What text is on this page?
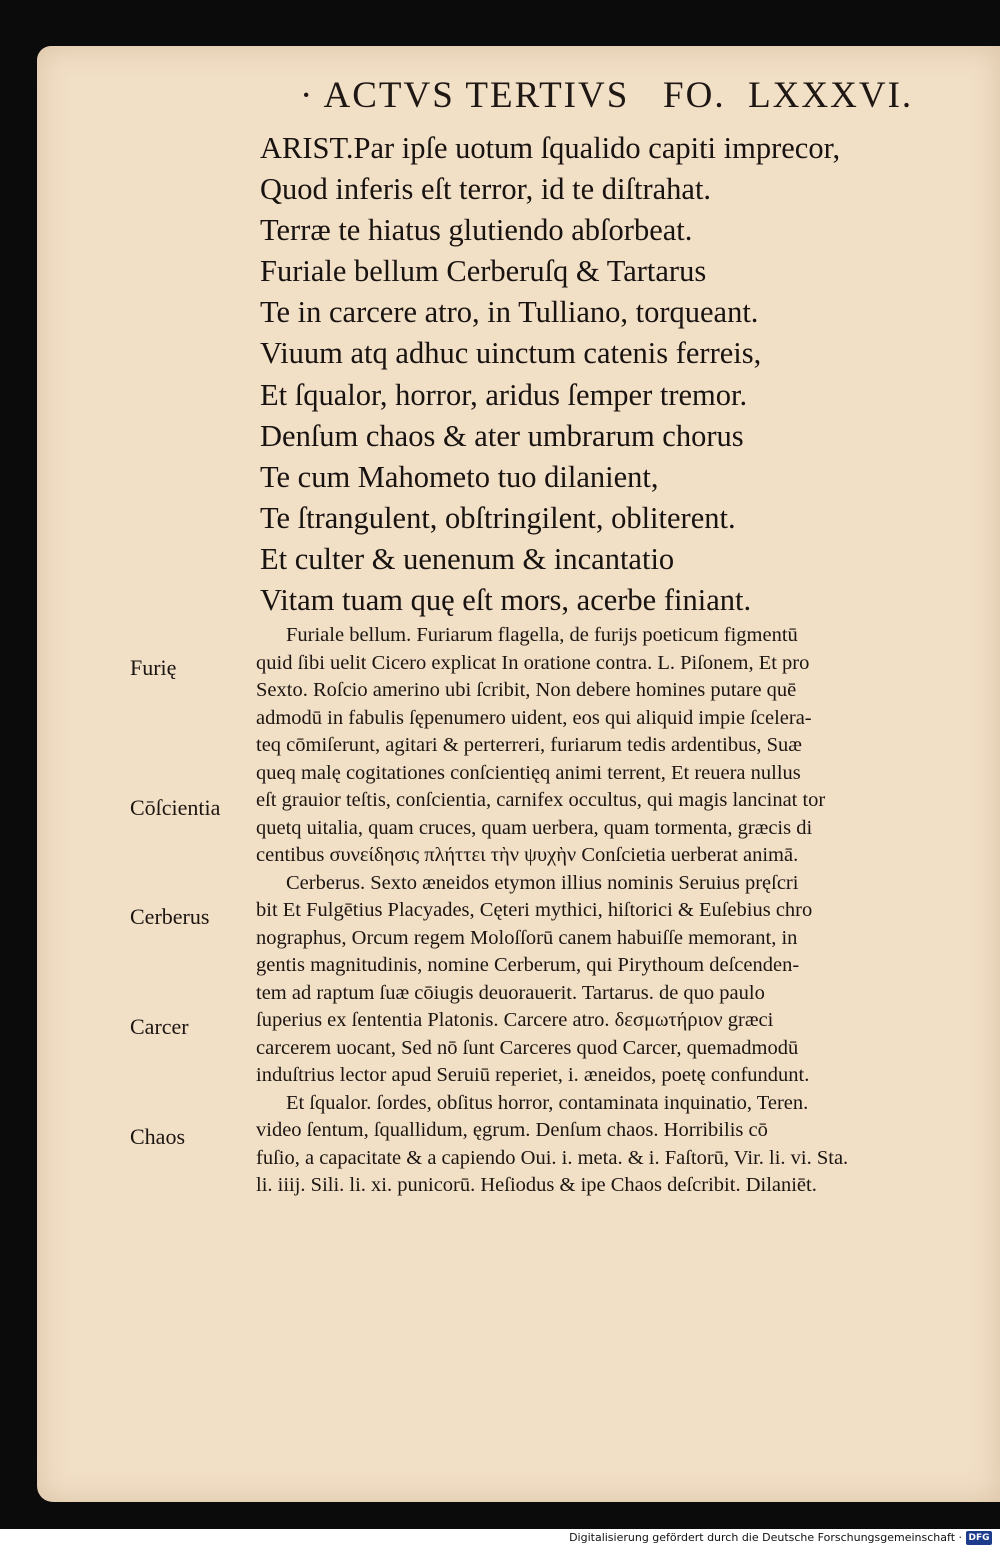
· ACTVS TERTIVS   FO.  LXXXVI.
ARIST.Par ipſe uotum ſqualido capiti imprecor,
Quod inferis eſt terror, id te diſtrahat.
Terræ te hiatus glutiendo abſorbeat.
Furiale bellum Cerberuſq & Tartarus
Te in carcere atro, in Tulliano, torqueant.
Viuum atq adhuc uinctum catenis ferreis,
Et ſqualor, horror, aridus ſemper tremor.
Denſum chaos & ater umbrarum chorus
Te cum Mahometo tuo dilanient,
Te ſtrangulent, obſtringilent, obliterent.
Et culter & uenenum & incantatio
Vitam tuam quę eſt mors, acerbe finiant.
Furiale bellum. Furiarum flagella, de furijs poeticum figmentū
quid ſibi uelit Cicero explicat In oratione contra. L. Piſonem, Et pro
Sexto. Roſcio amerino ubi ſcribit, Non debere homines putare quē
admodū in fabulis ſępenumero uident, eos qui aliquid impie ſcelera-
teq cōmiſerunt, agitari & perterreri, furiarum tedis ardentibus, Suæ
queq malę cogitationes conſcientięq animi terrent, Et reuera nullus
eſt grauior teſtis, conſcientia, carnifex occultus, qui magis lancinat tor
quetq uitalia, quam cruces, quam uerbera, quam tormenta, græcis di
centibus συνείδησις πλήττει τὴν ψυχὴν Conſcietia uerberat animā.
Cerberus. Sexto æneidos etymon illius nominis Seruius pręſcri
bit Et Fulgētius Placyades, Cęteri mythici, hiſtorici & Euſebius chro
nographus, Orcum regem Moloſſorū canem habuiſſe memorant, in
gentis magnitudinis, nomine Cerberum, qui Pirythoum deſcenden-
tem ad raptum ſuæ cōiugis deuorauerit. Tartarus. de quo paulo
ſuperius ex ſententia Platonis. Carcere atro. δεσμωτήριον græci
carcerem uocant, Sed nō ſunt Carceres quod Carcer, quemadmodū
induſtrius lector apud Seruiū reperiet, i. æneidos, poetę confundunt.
Et ſqualor. ſordes, obſitus horror, contaminata inquinatio, Teren.
video ſentum, ſquallidum, ęgrum. Denſum chaos. Horribilis cō
fuſio, a capacitate & a capiendo Oui. i. meta. & i. Faſtorū, Vir. li. vi. Sta.
li. iiij. Sili. li. xi. punicorū. Heſiodus & ipe Chaos deſcribit. Dilaniēt.
Furię
Cōſcientia
Cerberus
Carcer
Chaos
Digitalisierung gefördert durch die Deutsche Forschungsgemeinschaft · DFG
